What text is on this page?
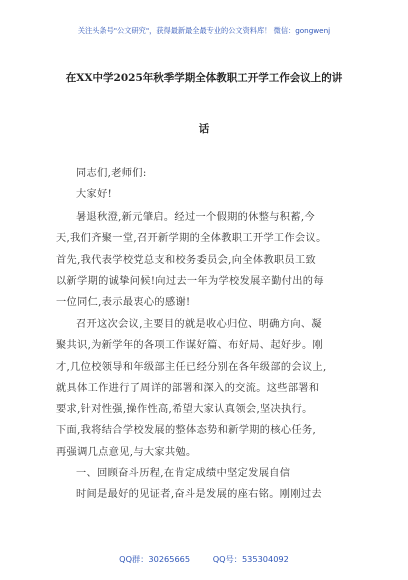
关注头条号"公文研究"，获得最新最全最专业的公文资料库！ 微信：gongwenj
在XX中学2025年秋季学期全体教职工开学工作会议上的讲
话
同志们,老师们:
大家好!
暑退秋澄,新元肇启。经过一个假期的休整与积蓄,今
天,我们齐聚一堂,召开新学期的全体教职工开学工作会议。
首先,我代表学校党总支和校务委员会,向全体教职员工致
以新学期的诚挚问候!向过去一年为学校发展辛勤付出的每
一位同仁,表示最衷心的感谢!
召开这次会议,主要目的就是收心归位、明确方向、凝
聚共识,为新学年的各项工作谋好篇、布好局、起好步。刚
才,几位校领导和年级部主任已经分别在各年级部的会议上,
就具体工作进行了周详的部署和深入的交流。这些部署和
要求,针对性强,操作性高,希望大家认真领会,坚决执行。
下面,我将结合学校发展的整体态势和新学期的核心任务,
再强调几点意见,与大家共勉。
一、回顾奋斗历程,在肯定成绩中坚定发展自信
时间是最好的见证者,奋斗是发展的座右铭。刚刚过去
QQ群：30265665	QQ号：535304092
